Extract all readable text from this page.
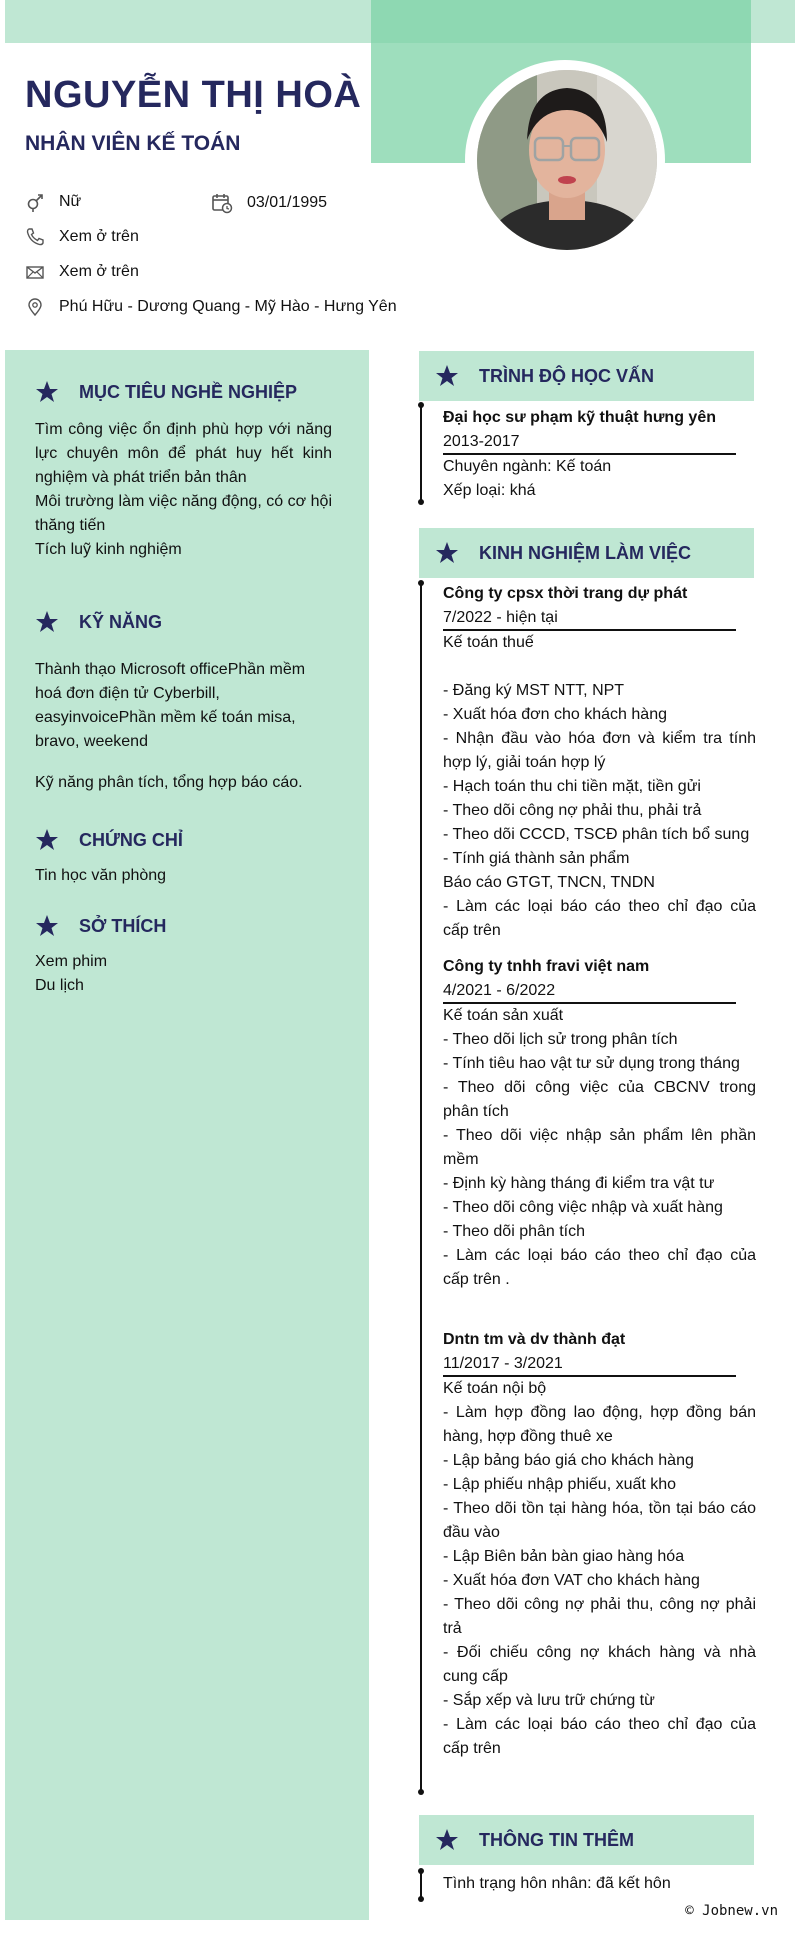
NGUYỄN THỊ HOÀ
NHÂN VIÊN KẾ TOÁN
Nữ	03/01/1995
Xem ở trên
Xem ở trên
Phú Hữu - Dương Quang - Mỹ Hào - Hưng Yên
MỤC TIÊU NGHỀ NGHIỆP
Tìm công việc ổn định phù hợp với năng lực chuyên môn để phát huy hết kinh nghiệm và phát triển bản thân
Môi trường làm việc năng động, có cơ hội thăng tiến
Tích luỹ kinh nghiệm
KỸ NĂNG
Thành thạo Microsoft officePhần mềm hoá đơn điện tử Cyberbill, easyinvoicePhần mềm kế toán misa, bravo, weekend
Kỹ năng phân tích, tổng hợp báo cáo.
CHỨNG CHỈ
Tin học văn phòng
SỞ THÍCH
Xem phim
Du lịch
TRÌNH ĐỘ HỌC VẤN
Đại học sư phạm kỹ thuật hưng yên
2013-2017
Chuyên ngành: Kế toán
Xếp loại: khá
KINH NGHIỆM LÀM VIỆC
Công ty cpsx thời trang dự phát
7/2022 - hiện tại
Kế toán thuế
- Đăng ký MST NTT, NPT
- Xuất hóa đơn cho khách hàng
- Nhận đầu vào hóa đơn và kiểm tra tính hợp lý, giải toán hợp lý
- Hạch toán thu chi tiền mặt, tiền gửi
- Theo dõi công nợ phải thu, phải trả
- Theo dõi CCCD, TSCĐ phân tích bổ sung
- Tính giá thành sản phẩm
Báo cáo GTGT, TNCN, TNDN
- Làm các loại báo cáo theo chỉ đạo của cấp trên
Công ty tnhh fravi việt nam
4/2021 - 6/2022
Kế toán sản xuất
- Theo dõi lịch sử trong phân tích
- Tính tiêu hao vật tư sử dụng trong tháng
- Theo dõi công việc của CBCNV trong phân tích
- Theo dõi việc nhập sản phẩm lên phần mềm
- Định kỳ hàng tháng đi kiểm tra vật tư
- Theo dõi công việc nhập và xuất hàng
- Theo dõi phân tích
- Làm các loại báo cáo theo chỉ đạo của cấp trên .
Dntn tm và dv thành đạt
11/2017 - 3/2021
Kế toán nội bộ
- Làm hợp đồng lao động, hợp đồng bán hàng, hợp đồng thuê xe
- Lập bảng báo giá cho khách hàng
- Lập phiếu nhập phiếu, xuất kho
- Theo dõi tồn tại hàng hóa, tồn tại báo cáo đầu vào
- Lập Biên bản bàn giao hàng hóa
- Xuất hóa đơn VAT cho khách hàng
- Theo dõi công nợ phải thu, công nợ phải trả
- Đối chiếu công nợ khách hàng và nhà cung cấp
- Sắp xếp và lưu trữ chứng từ
- Làm các loại báo cáo theo chỉ đạo của cấp trên
THÔNG TIN THÊM
Tình trạng hôn nhân: đã kết hôn
© Jobnew.vn
